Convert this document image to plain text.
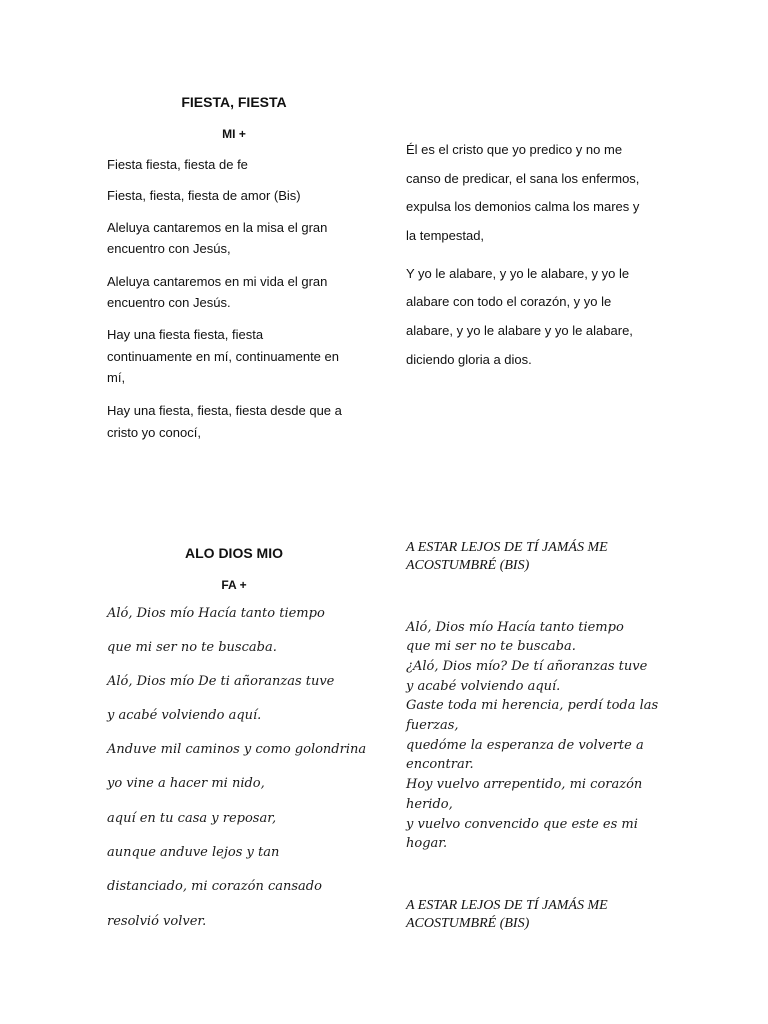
FIESTA, FIESTA
MI +
Fiesta fiesta, fiesta de fe
Fiesta, fiesta, fiesta de amor (Bis)
Aleluya cantaremos en la misa el gran
encuentro con Jesús,
Aleluya cantaremos en mi vida el gran
encuentro con Jesús.
Hay una fiesta fiesta, fiesta
continuamente en mí, continuamente en
mí,
Hay una fiesta, fiesta, fiesta desde que a
cristo yo conocí,
Él es el cristo que yo predico y no me
canso de predicar, el sana los enfermos,
expulsa los demonios calma los mares y
la tempestad,
Y yo le alabare, y yo le alabare, y yo le
alabare con todo el corazón, y yo le
alabare, y yo le alabare y yo le alabare,
diciendo gloria a dios.
ALO DIOS MIO
FA +
Aló, Dios mío Hacía tanto tiempo
que mi ser no te buscaba.
Aló, Dios mío De ti añoranzas tuve
y acabé volviendo aquí.
Anduve mil caminos y como golondrina
yo vine a hacer mi nido,
aquí en tu casa y reposar,
aunque anduve lejos y tan
distanciado, mi corazón cansado
resolvió volver.
A ESTAR LEJOS DE TÍ JAMÁS ME
ACOSTUMBRÉ (BIS)
Aló, Dios mío Hacía tanto tiempo
que mi ser no te buscaba.
¿Aló, Dios mío? De tí añoranzas tuve
y acabé volviendo aquí.
Gaste toda mi herencia, perdí toda las
fuerzas,
quedóme la esperanza de volverte a
encontrar.
Hoy vuelvo arrepentido, mi corazón
herido,
y vuelvo convencido que este es mi
hogar.
A ESTAR LEJOS DE TÍ JAMÁS ME
ACOSTUMBRÉ (BIS)
